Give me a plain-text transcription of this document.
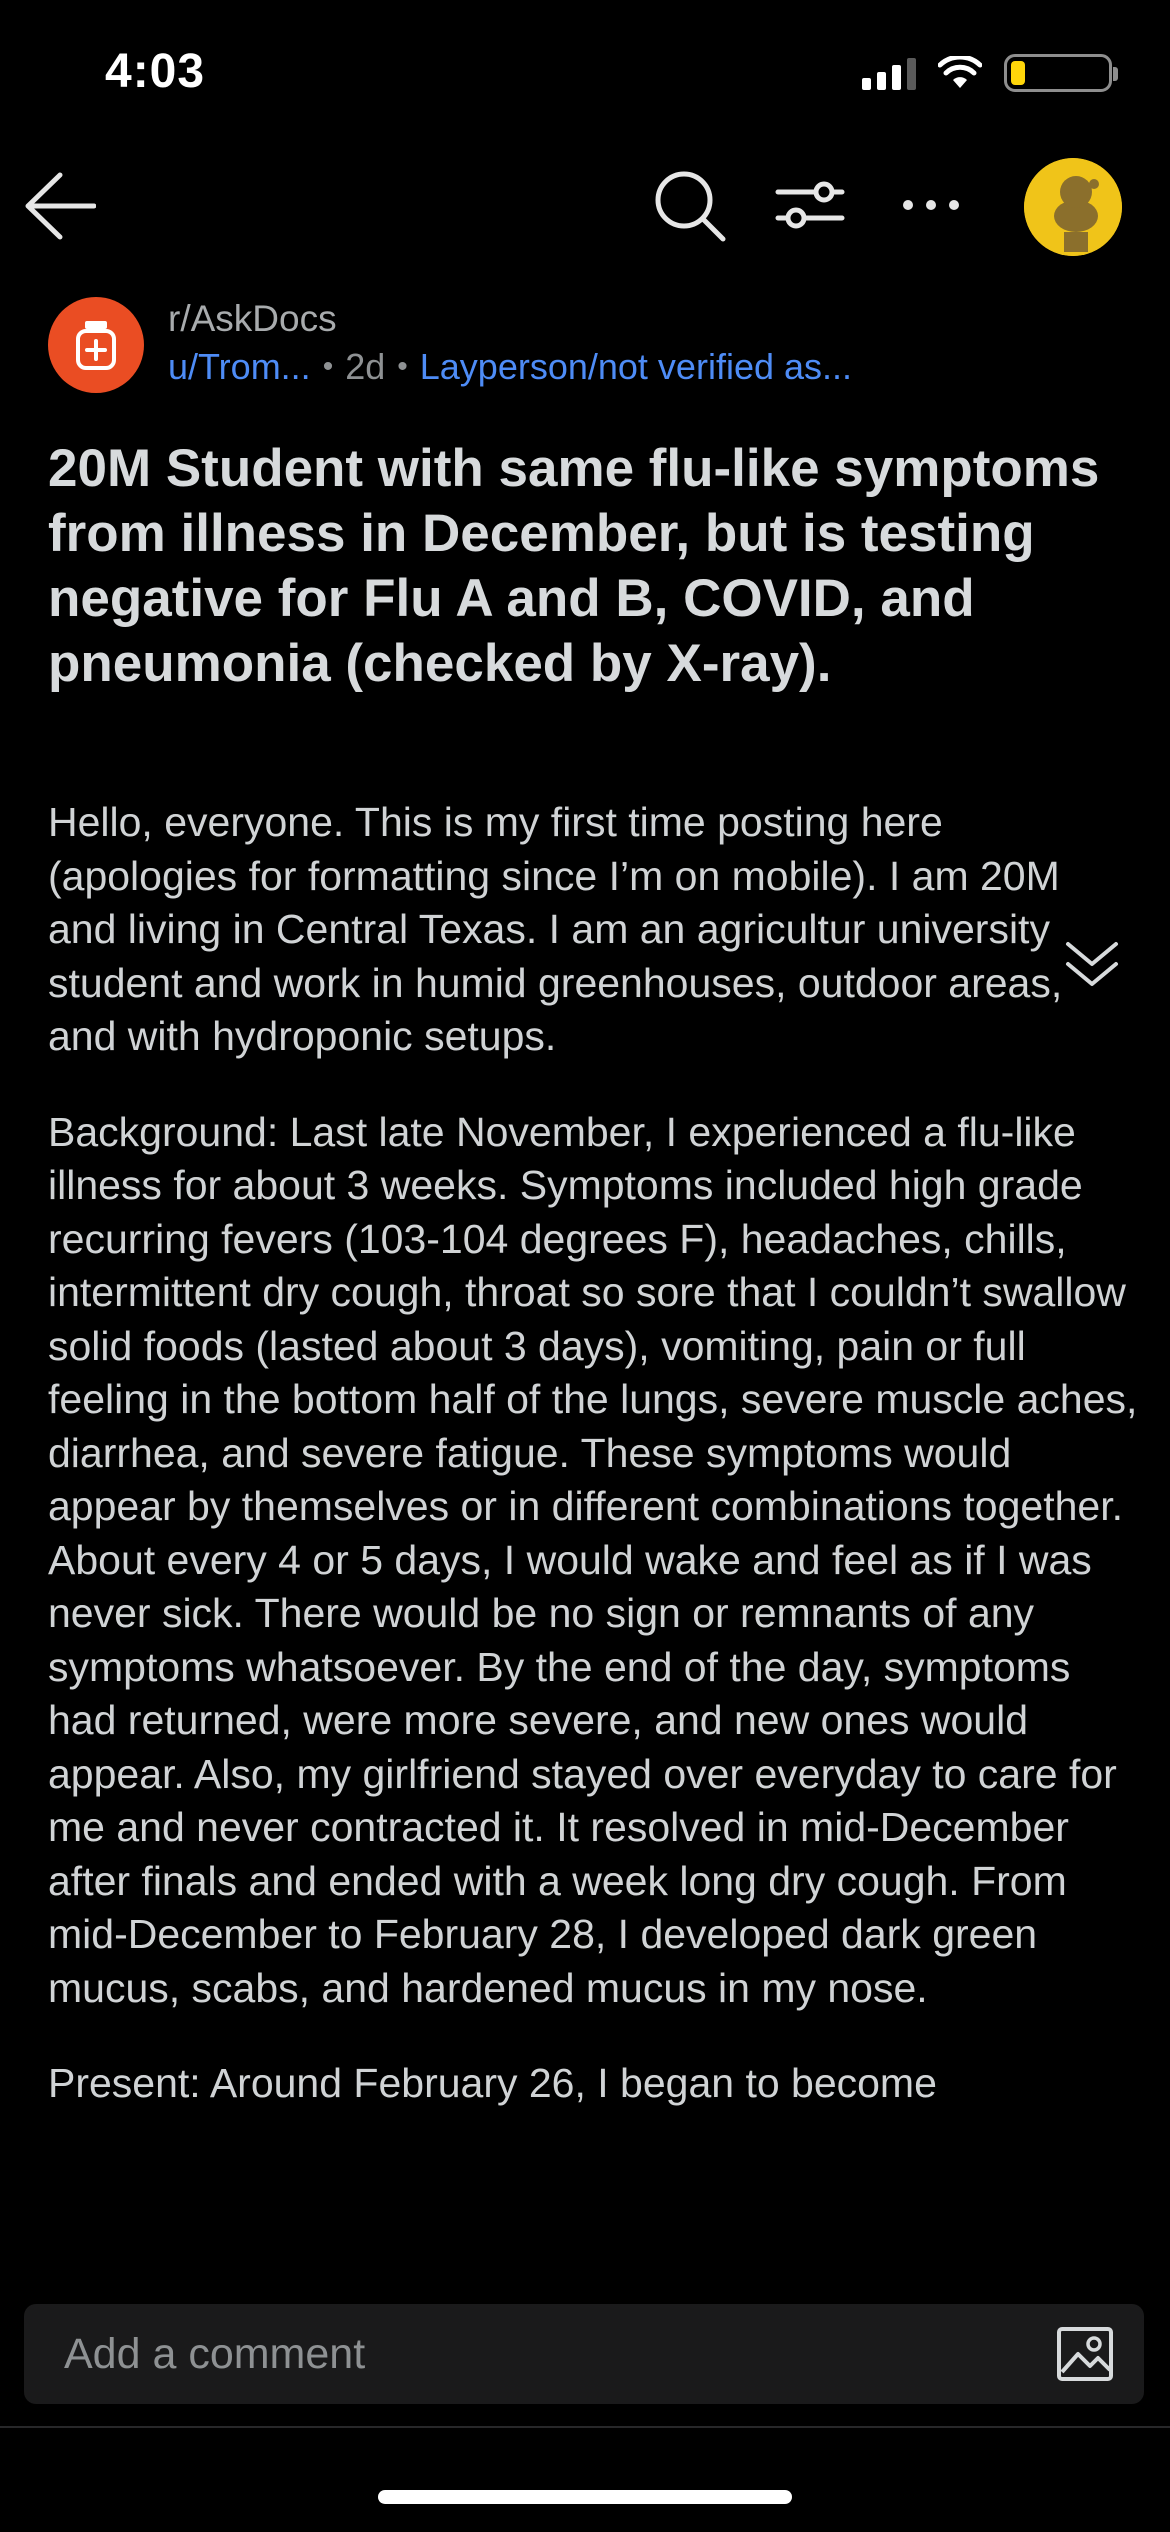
4:03
r/AskDocs
u/Trom... • 2d • Layperson/not verified as...
20M Student with same flu-like symptoms from illness in December, but is testing negative for Flu A and B, COVID, and pneumonia (checked by X-ray).

Hello, everyone. This is my first time posting here (apologies for formatting since I’m on mobile). I am 20M and living in Central Texas. I am an agricultur university student and work in humid greenhouses, outdoor areas, and with hydroponic setups.

Background: Last late November, I experienced a flu-like illness for about 3 weeks. Symptoms included high grade recurring fevers (103-104 degrees F), headaches, chills, intermittent dry cough, throat so sore that I couldn’t swallow solid foods (lasted about 3 days), vomiting, pain or full feeling in the bottom half of the lungs, severe muscle aches, diarrhea, and severe fatigue. These symptoms would appear by themselves or in different combinations together. About every 4 or 5 days, I would wake and feel as if I was never sick. There would be no sign or remnants of any symptoms whatsoever. By the end of the day, symptoms had returned, were more severe, and new ones would appear. Also, my girlfriend stayed over everyday to care for me and never contracted it. It resolved in mid-December after finals and ended with a week long dry cough. From mid-December to February 28, I developed dark green mucus, scabs, and hardened mucus in my nose.

Present: Around February 26, I began to become

Add a comment
